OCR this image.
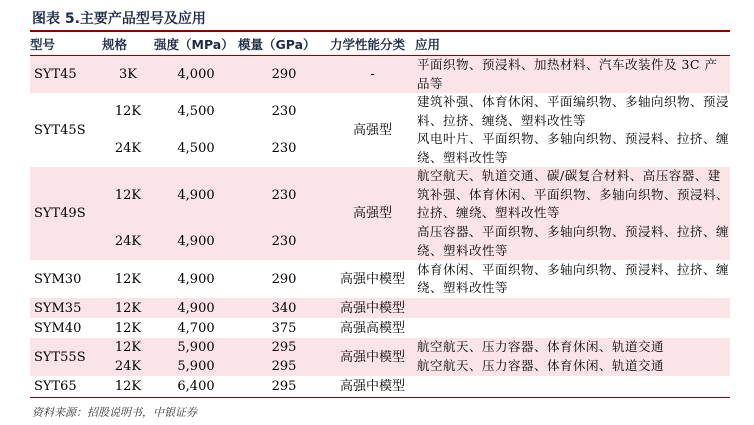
图表 5.主要产品型号及应用
型号	规格	强度（MPa）	模量（GPa）	力学性能分类	应用
SYT45	3K	4,000	290	-	平面织物、预浸料、加热材料、汽车改装件及 3C 产品等
SYT45S	12K	4,500	230	高强型	建筑补强、体育休闲、平面编织物、多轴向织物、预浸料、拉挤、缠绕、塑料改性等
	24K	4,500	230		风电叶片、平面织物、多轴向织物、预浸料、拉挤、缠绕、塑料改性等
SYT49S	12K	4,900	230	高强型	航空航天、轨道交通、碳/碳复合材料、高压容器、建筑补强、体育休闲、平面织物、多轴向织物、预浸料、拉挤、缠绕、塑料改性等
	24K	4,900	230		高压容器、平面织物、多轴向织物、预浸料、拉挤、缠绕、塑料改性等
SYM30	12K	4,900	290	高强中模型	体育休闲、平面织物、多轴向织物、预浸料、拉挤、缠绕、塑料改性等
SYM35	12K	4,900	340	高强中模型	
SYM40	12K	4,700	375	高强高模型	
SYT55S	12K	5,900	295	高强中模型	航空航天、压力容器、体育休闲、轨道交通
	24K	5,900	295		航空航天、压力容器、体育休闲、轨道交通
SYT65	12K	6,400	295	高强中模型	
资料来源：招股说明书，中银证券
